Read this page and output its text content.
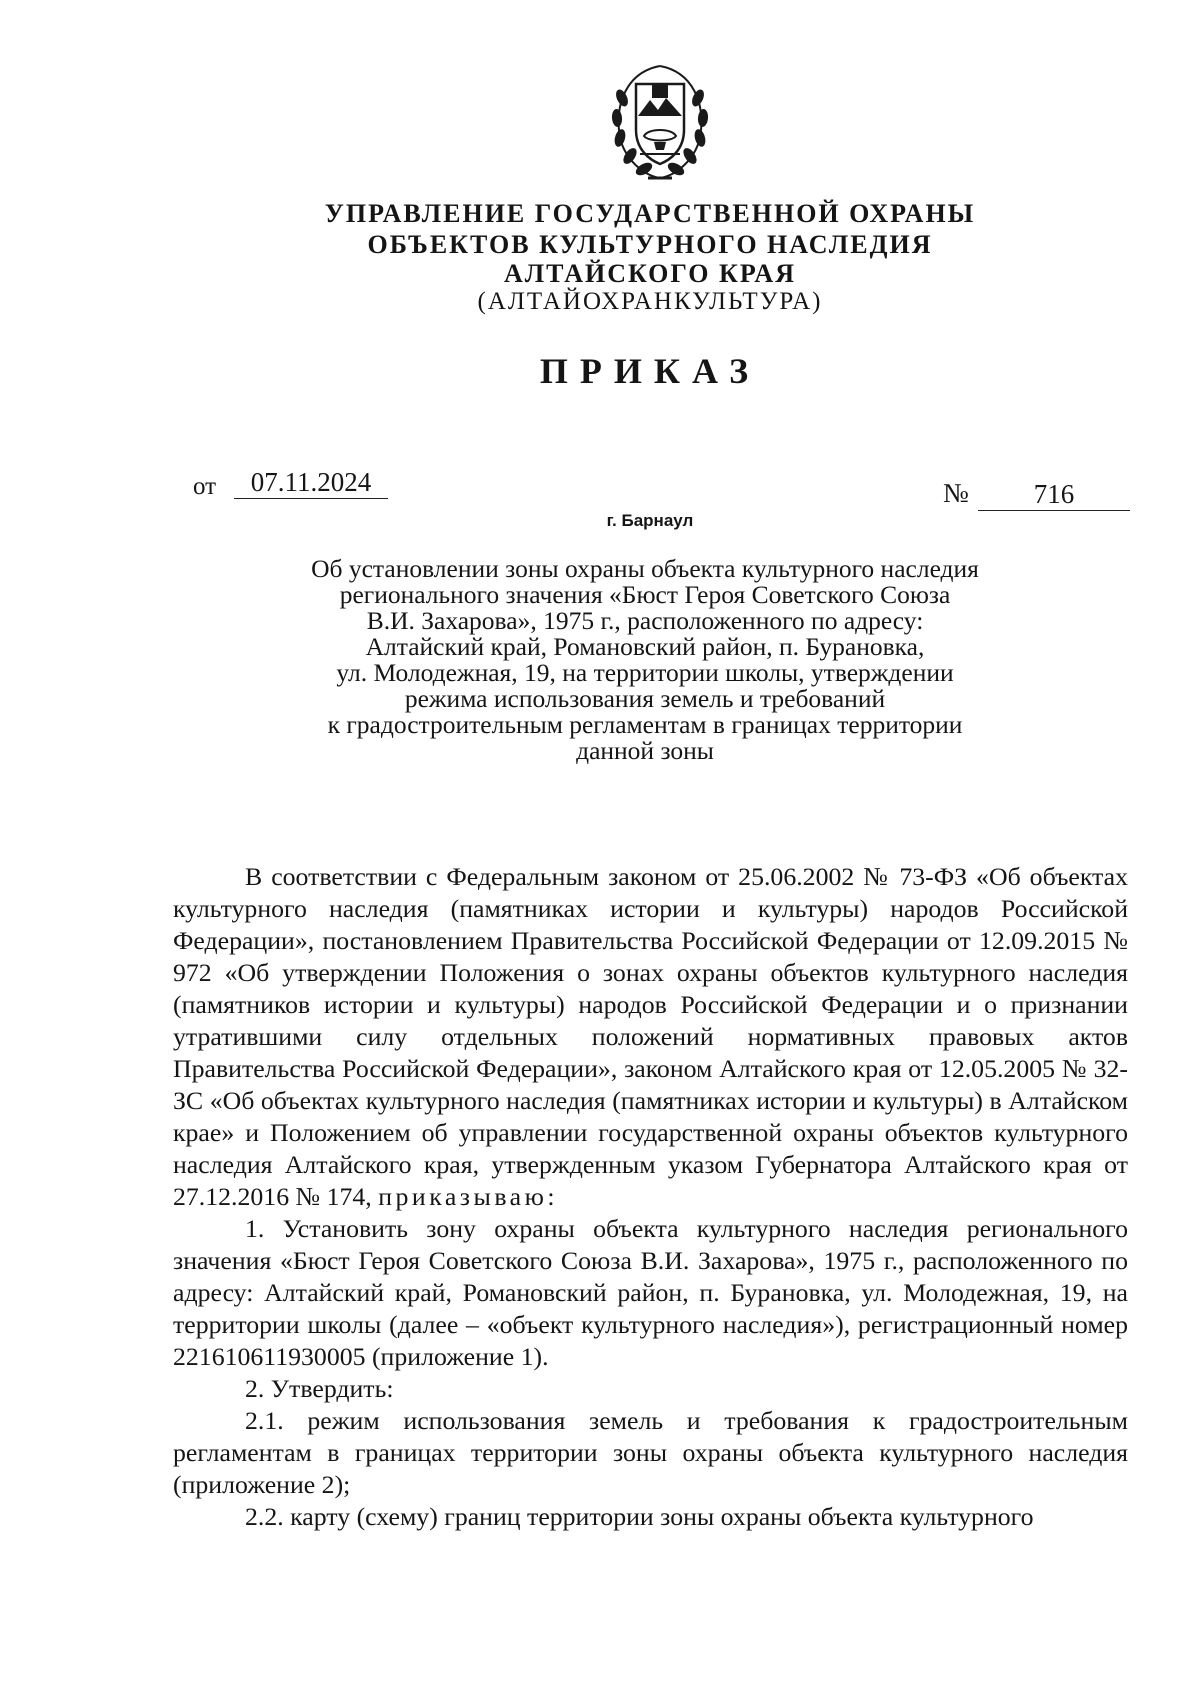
УПРАВЛЕНИЕ ГОСУДАРСТВЕННОЙ ОХРАНЫ
ОБЪЕКТОВ КУЛЬТУРНОГО НАСЛЕДИЯ
АЛТАЙСКОГО КРАЯ
(АЛТАЙОХРАНКУЛЬТУРА)
ПРИКАЗ
от	07.11.2024	№	716
г. Барнаул
Об установлении зоны охраны объекта культурного наследия
регионального значения «Бюст Героя Советского Союза
В.И. Захарова», 1975 г., расположенного по адресу:
Алтайский край, Романовский район, п. Бурановка,
ул. Молодежная, 19, на территории школы, утверждении
режима использования земель и требований
к градостроительным регламентам в границах территории
данной зоны

В соответствии с Федеральным законом от 25.06.2002 № 73-ФЗ «Об объектах культурного наследия (памятниках истории и культуры) народов Российской Федерации», постановлением Правительства Российской Федерации от 12.09.2015 № 972 «Об утверждении Положения о зонах охраны объектов культурного наследия (памятников истории и культуры) народов Российской Федерации и о признании утратившими силу отдельных положений нормативных правовых актов Правительства Российской Федерации», законом Алтайского края от 12.05.2005 № 32-ЗС «Об объектах культурного наследия (памятниках истории и культуры) в Алтайском крае» и Положением об управлении государственной охраны объектов культурного наследия Алтайского края, утвержденным указом Губернатора Алтайского края от 27.12.2016 № 174, приказываю:

1. Установить зону охраны объекта культурного наследия регионального значения «Бюст Героя Советского Союза В.И. Захарова», 1975 г., расположенного по адресу: Алтайский край, Романовский район, п. Бурановка, ул. Молодежная, 19, на территории школы (далее – «объект культурного наследия»), регистрационный номер 221610611930005 (приложение 1).

2. Утвердить:

2.1. режим использования земель и требования к градостроительным регламентам в границах территории зоны охраны объекта культурного наследия (приложение 2);

2.2. карту (схему) границ территории зоны охраны объекта культурного
